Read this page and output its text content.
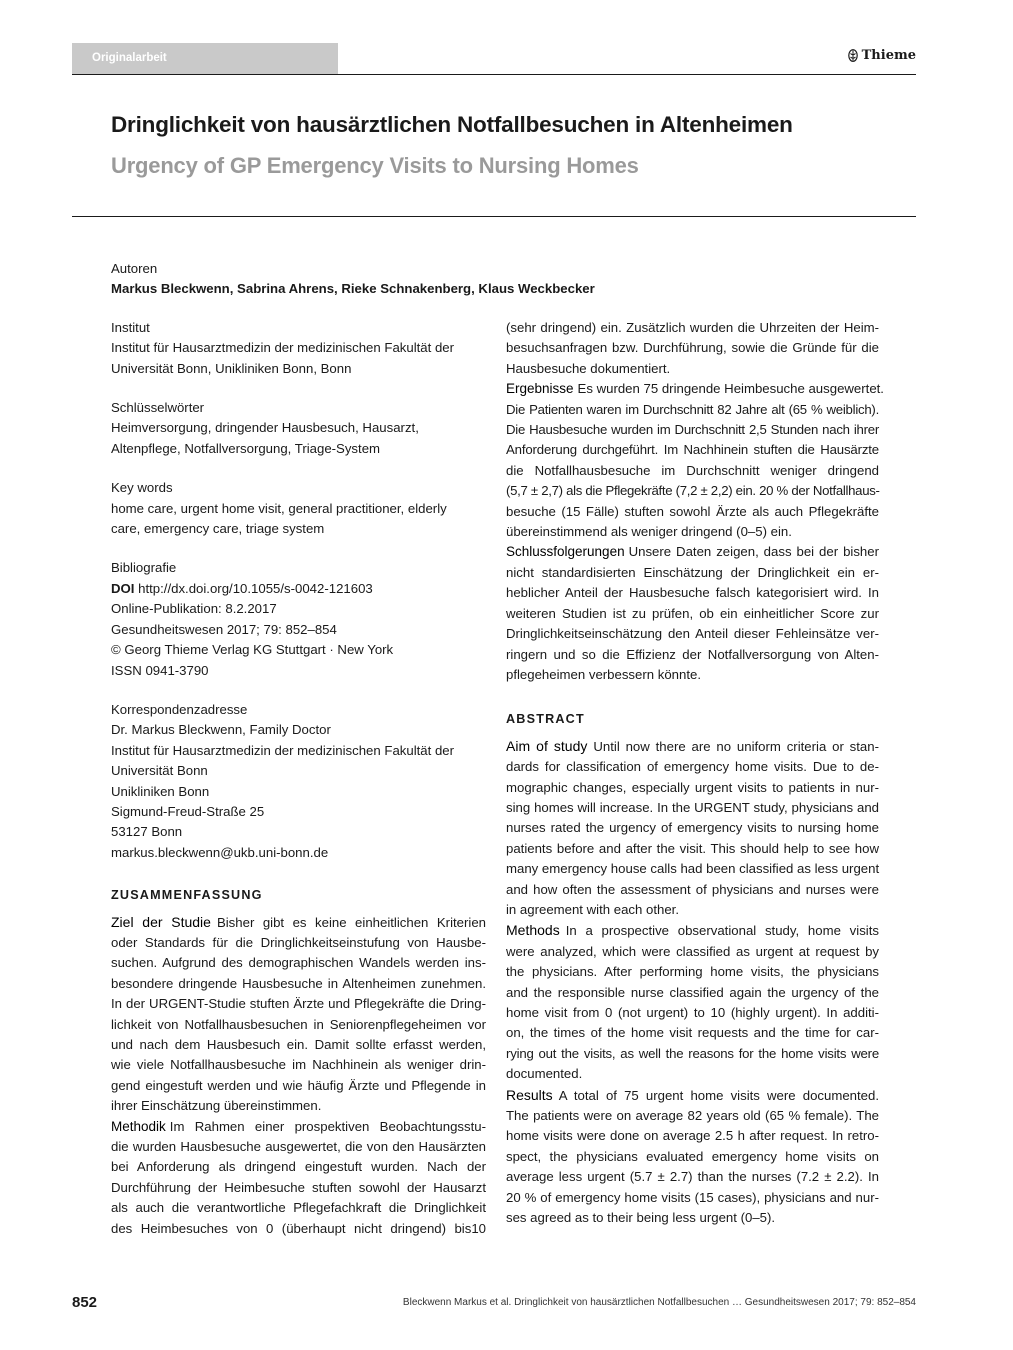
Originalarbeit	Thieme
Dringlichkeit von hausärztlichen Notfallbesuchen in Altenheimen
Urgency of GP Emergency Visits to Nursing Homes
Autoren
Markus Bleckwenn, Sabrina Ahrens, Rieke Schnakenberg, Klaus Weckbecker
Institut
Institut für Hausarztmedizin der medizinischen Fakultät der
Universität Bonn, Unikliniken Bonn, Bonn
Schlüsselwörter
Heimversorgung, dringender Hausbesuch, Hausarzt,
Altenpflege, Notfallversorgung, Triage-System
Key words
home care, urgent home visit, general practitioner, elderly
care, emergency care, triage system
Bibliografie
DOI http://dx.doi.org/10.1055/s-0042-121603
Online-Publikation: 8.2.2017
Gesundheitswesen 2017; 79: 852–854
© Georg Thieme Verlag KG Stuttgart · New York
ISSN 0941-3790
Korrespondenzadresse
Dr. Markus Bleckwenn, Family Doctor
Institut für Hausarztmedizin der medizinischen Fakultät der
Universität Bonn
Unikliniken Bonn
Sigmund-Freud-Straße 25
53127 Bonn
markus.bleckwenn@ukb.uni-bonn.de
ZUSAMMENFASSUNG
Ziel der Studie Bisher gibt es keine einheitlichen Kriterien
oder Standards für die Dringlichkeitseinstufung von Hausbe-
suchen. Aufgrund des demographischen Wandels werden ins-
besondere dringende Hausbesuche in Altenheimen zunehmen.
In der URGENT-Studie stuften Ärzte und Pflegekräfte die Dring-
lichkeit von Notfallhausbesuchen in Seniorenpflegeheimen vor
und nach dem Hausbesuch ein. Damit sollte erfasst werden,
wie viele Notfallhausbesuche im Nachhinein als weniger drin-
gend eingestuft werden und wie häufig Ärzte und Pflegende in
ihrer Einschätzung übereinstimmen.
Methodik Im Rahmen einer prospektiven Beobachtungsstu-
die wurden Hausbesuche ausgewertet, die von den Hausärzten
bei Anforderung als dringend eingestuft wurden. Nach der
Durchführung der Heimbesuche stuften sowohl der Hausarzt
als auch die verantwortliche Pflegefachkraft die Dringlichkeit
des Heimbesuches von 0 (überhaupt nicht dringend) bis10
(sehr dringend) ein. Zusätzlich wurden die Uhrzeiten der Heim-
besuchsanfragen bzw. Durchführung, sowie die Gründe für die
Hausbesuche dokumentiert.
Ergebnisse Es wurden 75 dringende Heimbesuche ausgewertet.
Die Patienten waren im Durchschnitt 82 Jahre alt (65 % weiblich).
Die Hausbesuche wurden im Durchschnitt 2,5 Stunden nach ihrer
Anforderung durchgeführt. Im Nachhinein stuften die Hausärzte
die Notfallhausbesuche im Durchschnitt weniger dringend
(5,7 ± 2,7) als die Pflegekräfte (7,2 ± 2,2) ein. 20 % der Notfallhaus-
besuche (15 Fälle) stuften sowohl Ärzte als auch Pflegekräfte
übereinstimmend als weniger dringend (0–5) ein.
Schlussfolgerungen Unsere Daten zeigen, dass bei der bisher
nicht standardisierten Einschätzung der Dringlichkeit ein er-
heblicher Anteil der Hausbesuche falsch kategorisiert wird. In
weiteren Studien ist zu prüfen, ob ein einheitlicher Score zur
Dringlichkeitseinschätzung den Anteil dieser Fehleinsätze ver-
ringern und so die Effizienz der Notfallversorgung von Alten-
pflegeheimen verbessern könnte.
ABSTRACT
Aim of study Until now there are no uniform criteria or stan-
dards for classification of emergency home visits. Due to de-
mographic changes, especially urgent visits to patients in nur-
sing homes will increase. In the URGENT study, physicians and
nurses rated the urgency of emergency visits to nursing home
patients before and after the visit. This should help to see how
many emergency house calls had been classified as less urgent
and how often the assessment of physicians and nurses were
in agreement with each other.
Methods In a prospective observational study, home visits
were analyzed, which were classified as urgent at request by
the physicians. After performing home visits, the physicians
and the responsible nurse classified again the urgency of the
home visit from 0 (not urgent) to 10 (highly urgent). In additi-
on, the times of the home visit requests and the time for car-
rying out the visits, as well the reasons for the home visits were
documented.
Results A total of 75 urgent home visits were documented.
The patients were on average 82 years old (65 % female). The
home visits were done on average 2.5 h after request. In retro-
spect, the physicians evaluated emergency home visits on
average less urgent (5.7 ± 2.7) than the nurses (7.2 ± 2.2). In
20 % of emergency home visits (15 cases), physicians and nur-
ses agreed as to their being less urgent (0–5).
852	Bleckwenn Markus et al. Dringlichkeit von hausärztlichen Notfallbesuchen … Gesundheitswesen 2017; 79: 852–854
